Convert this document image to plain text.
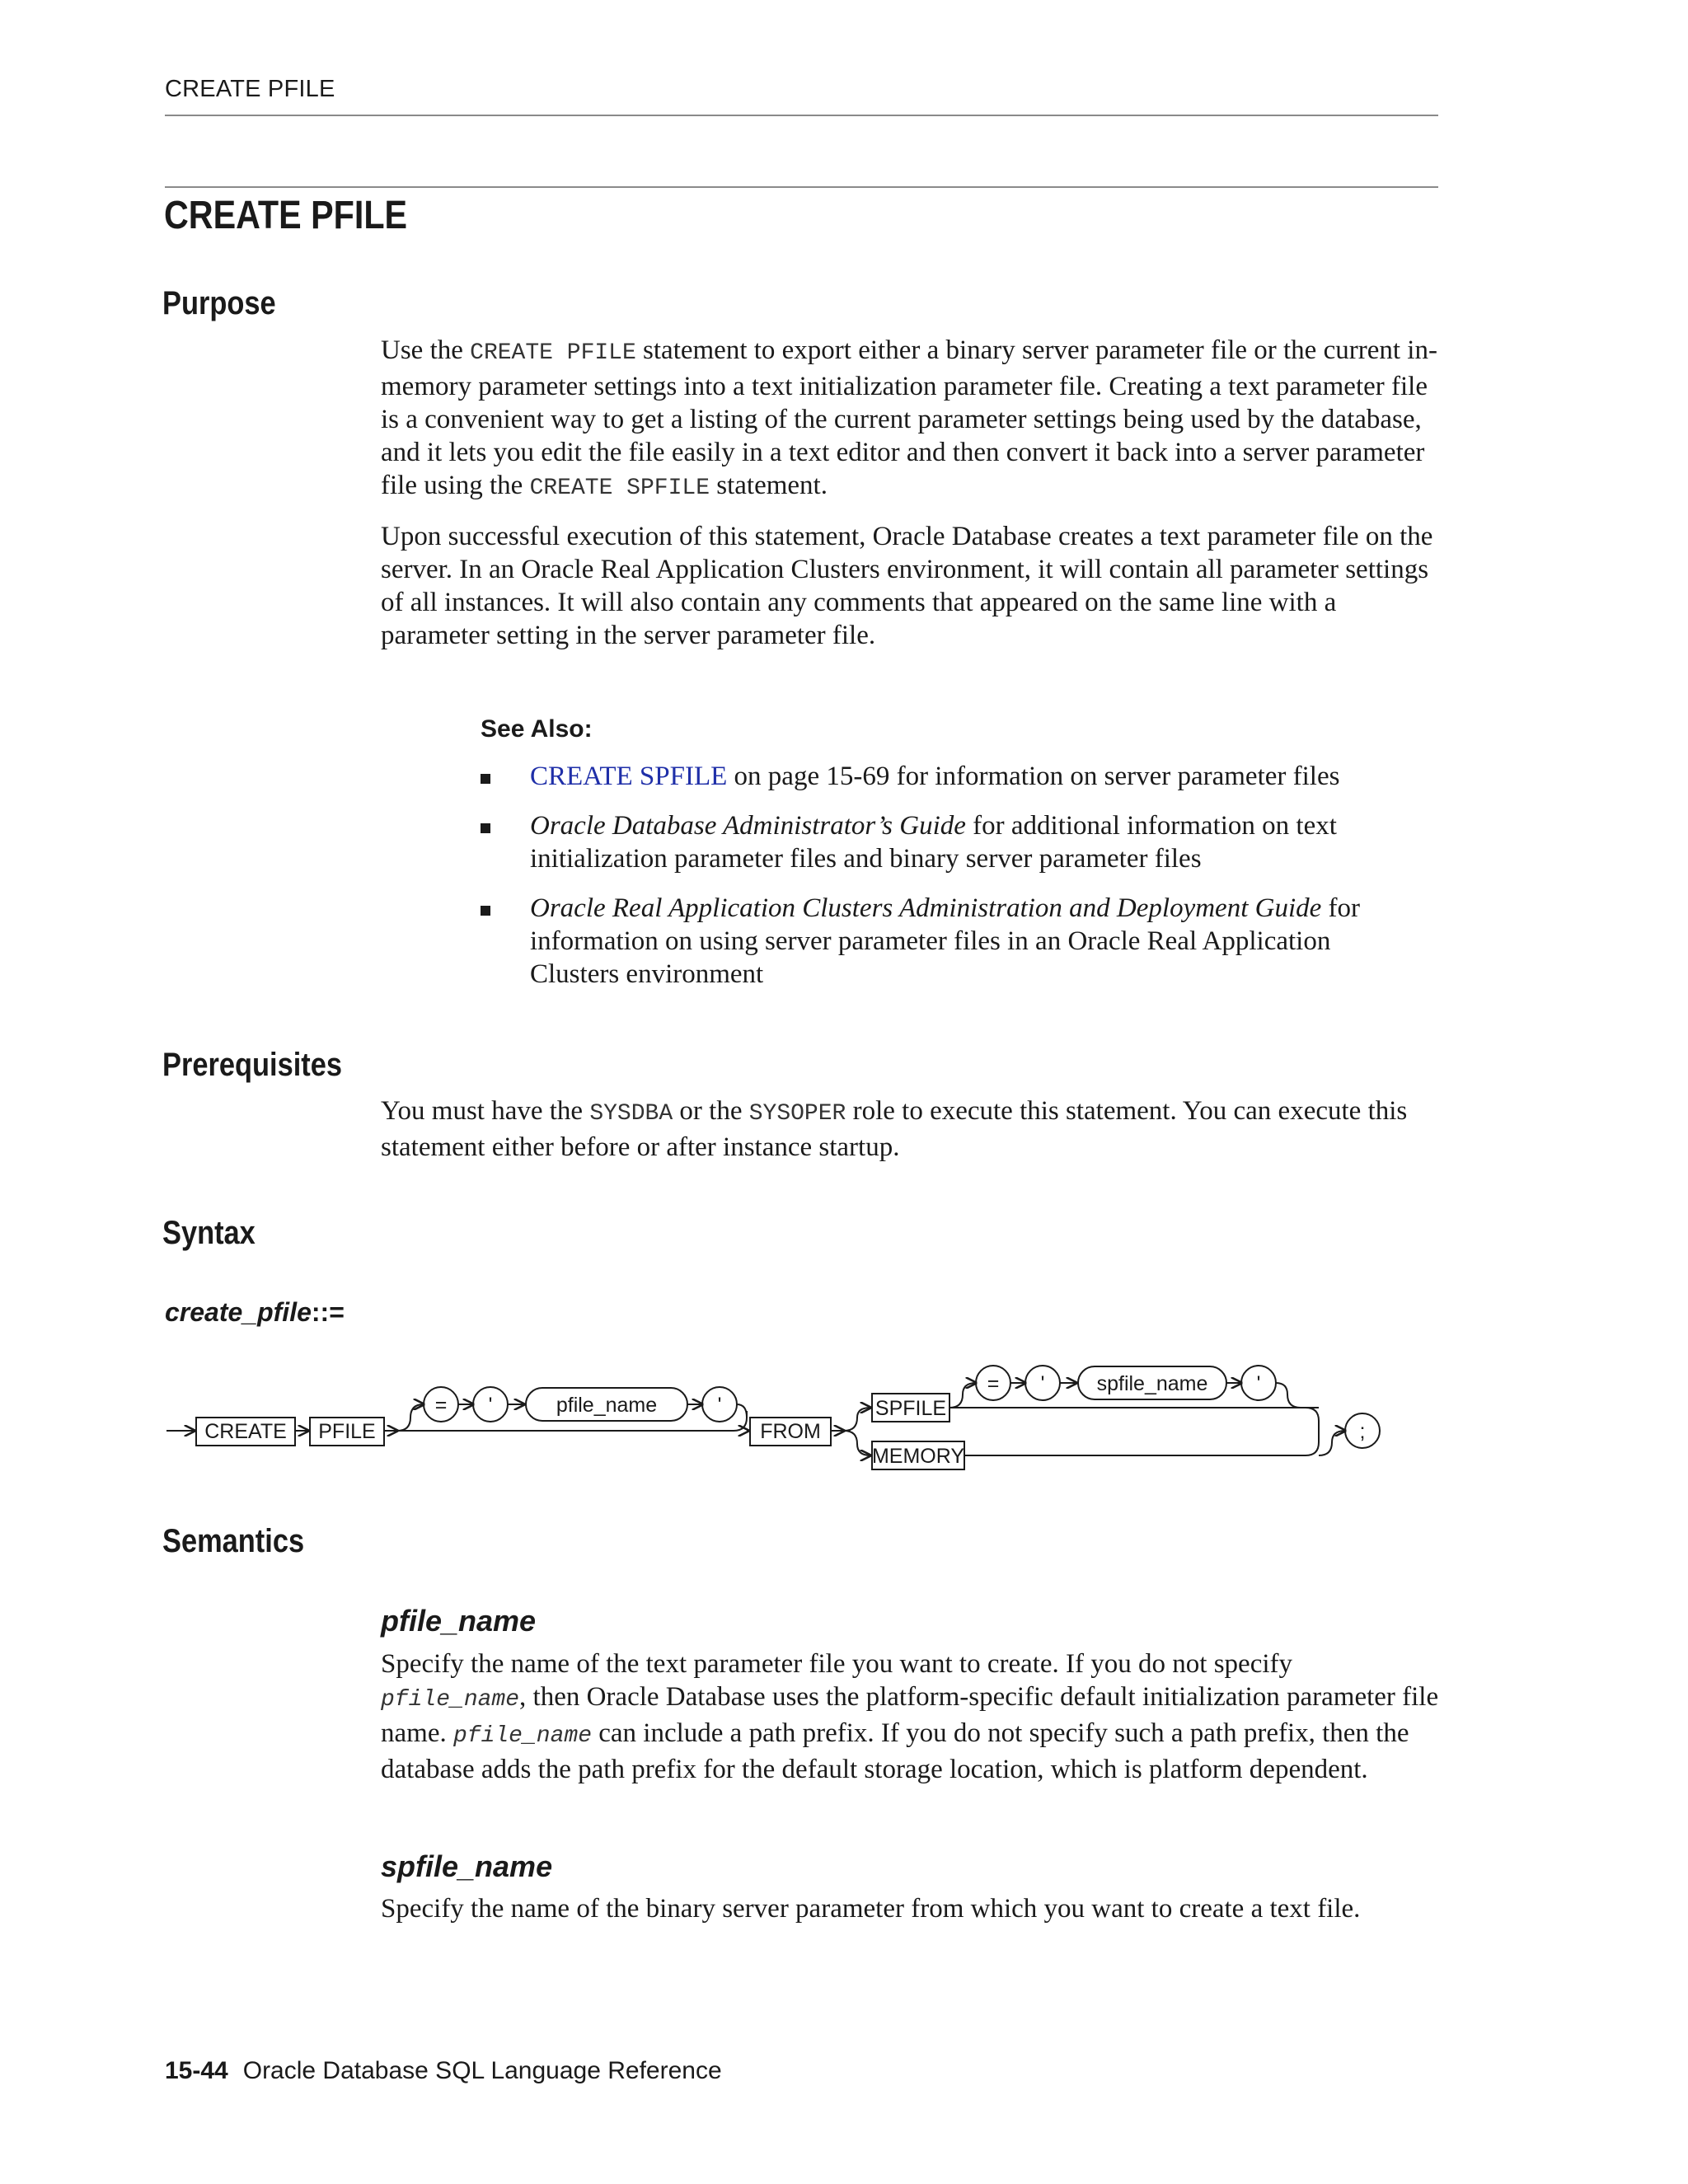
CREATE PFILE
CREATE PFILE
Purpose

Use the CREATE PFILE statement to export either a binary server parameter file or the current in-memory parameter settings into a text initialization parameter file. Creating a text parameter file is a convenient way to get a listing of the current parameter settings being used by the database, and it lets you edit the file easily in a text editor and then convert it back into a server parameter file using the CREATE SPFILE statement.

Upon successful execution of this statement, Oracle Database creates a text parameter file on the server. In an Oracle Real Application Clusters environment, it will contain all parameter settings of all instances. It will also contain any comments that appeared on the same line with a parameter setting in the server parameter file.

See Also:
CREATE SPFILE on page 15-69 for information on server parameter files
Oracle Database Administrator’s Guide for additional information on text initialization parameter files and binary server parameter files
Oracle Real Application Clusters Administration and Deployment Guide for information on using server parameter files in an Oracle Real Application Clusters environment
Prerequisites

You must have the SYSDBA or the SYSOPER role to execute this statement. You can execute this statement either before or after instance startup.

Syntax
create_pfile::=
CREATE PFILE
= '	pfile_name	'
FROM
SPFILE
MEMORY
= '	spfile_name '
;
Semantics
pfile_name

Specify the name of the text parameter file you want to create. If you do not specify pfile_name, then Oracle Database uses the platform-specific default initialization parameter file name. pfile_name can include a path prefix. If you do not specify such a path prefix, then the database adds the path prefix for the default storage location, which is platform dependent.

spfile_name

Specify the name of the binary server parameter from which you want to create a text file.

15-44 Oracle Database SQL Language Reference
